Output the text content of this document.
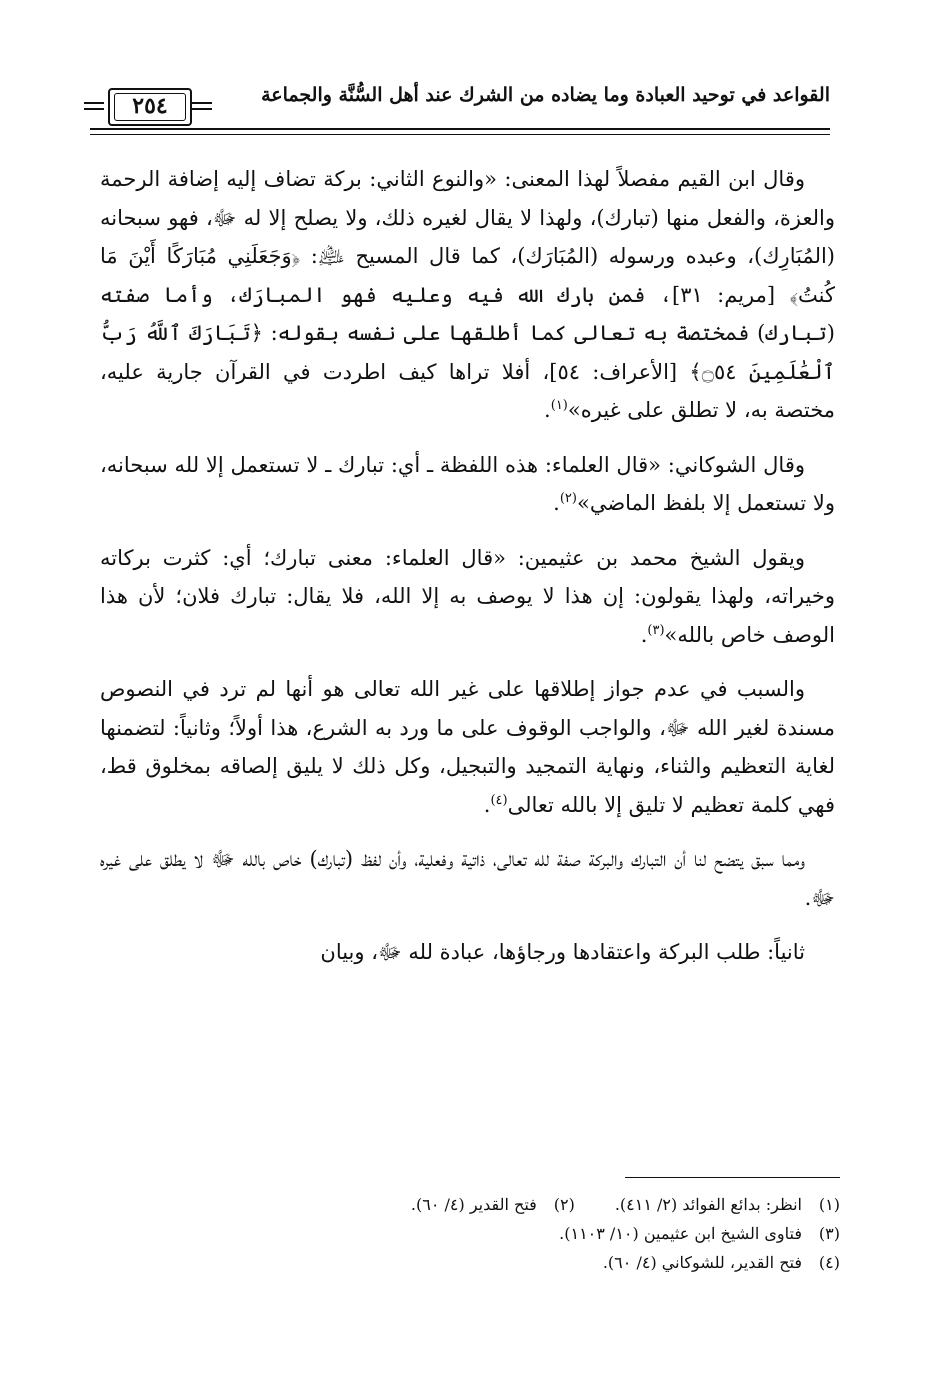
القواعد في توحيد العبادة وما يضاده من الشرك عند أهل السُّنَّة والجماعة
٢٥٤

وقال ابن القيم مفصلاً لهذا المعنى: «والنوع الثاني: بركة تضاف إليه إضافة الرحمة والعزة، والفعل منها (تبارك)، ولهذا لا يقال لغيره ذلك، ولا يصلح إلا له ﷻ، فهو سبحانه (المُبَارِك)، وعبده ورسوله (المُبَارَك)، كما قال المسيح ﵇: ﴿وَجَعَلَنِي مُبَارَكًا أَيْنَ مَا كُنتُ﴾ [مريم: ٣١]، فمن بارك الله فيه وعليه فهو المبارَك، وأما صفته (تبارك) فمختصة به تعالى كما أطلقها على نفسه بقوله: ﴿تَبَارَكَ ٱللَّهُ رَبُّ ٱلْعَٰلَمِينَ ۝٥٤﴾ [الأعراف: ٥٤]، أفلا تراها كيف اطردت في القرآن جارية عليه، مختصة به، لا تطلق على غيره»$^{(١)}$.

وقال الشوكاني: «قال العلماء: هذه اللفظة ـ أي: تبارك ـ لا تستعمل إلا لله سبحانه، ولا تستعمل إلا بلفظ الماضي»$^{(٢)}$.

ويقول الشيخ محمد بن عثيمين: «قال العلماء: معنى تبارك؛ أي: كثرت بركاته وخيراته، ولهذا يقولون: إن هذا لا يوصف به إلا الله، فلا يقال: تبارك فلان؛ لأن هذا الوصف خاص بالله»$^{(٣)}$.

والسبب في عدم جواز إطلاقها على غير الله تعالى هو أنها لم ترد في النصوص مسندة لغير الله ﷻ، والواجب الوقوف على ما ورد به الشرع، هذا أولاً؛ وثانياً: لتضمنها لغاية التعظيم والثناء، ونهاية التمجيد والتبجيل، وكل ذلك لا يليق إلصاقه بمخلوق قط، فهي كلمة تعظيم لا تليق إلا بالله تعالى$^{(٤)}$.

ومما سبق يتضح لنا أن التبارك والبركة صفة لله تعالى، ذاتية وفعلية، وأن لفظ (تبارك) خاص بالله ﷻ لا يطلق على غيره ﷻ.

ثانياً: طلب البركة واعتقادها ورجاؤها، عبادة لله ﷻ، وبيان

(١)انظر: بدائع الفوائد (٢/ ٤١١).(٢)فتح القدير (٤/ ٦٠).
(٣)فتاوى الشيخ ابن عثيمين (١٠/ ١١٠٣).
(٤)فتح القدير، للشوكاني (٤/ ٦٠).
